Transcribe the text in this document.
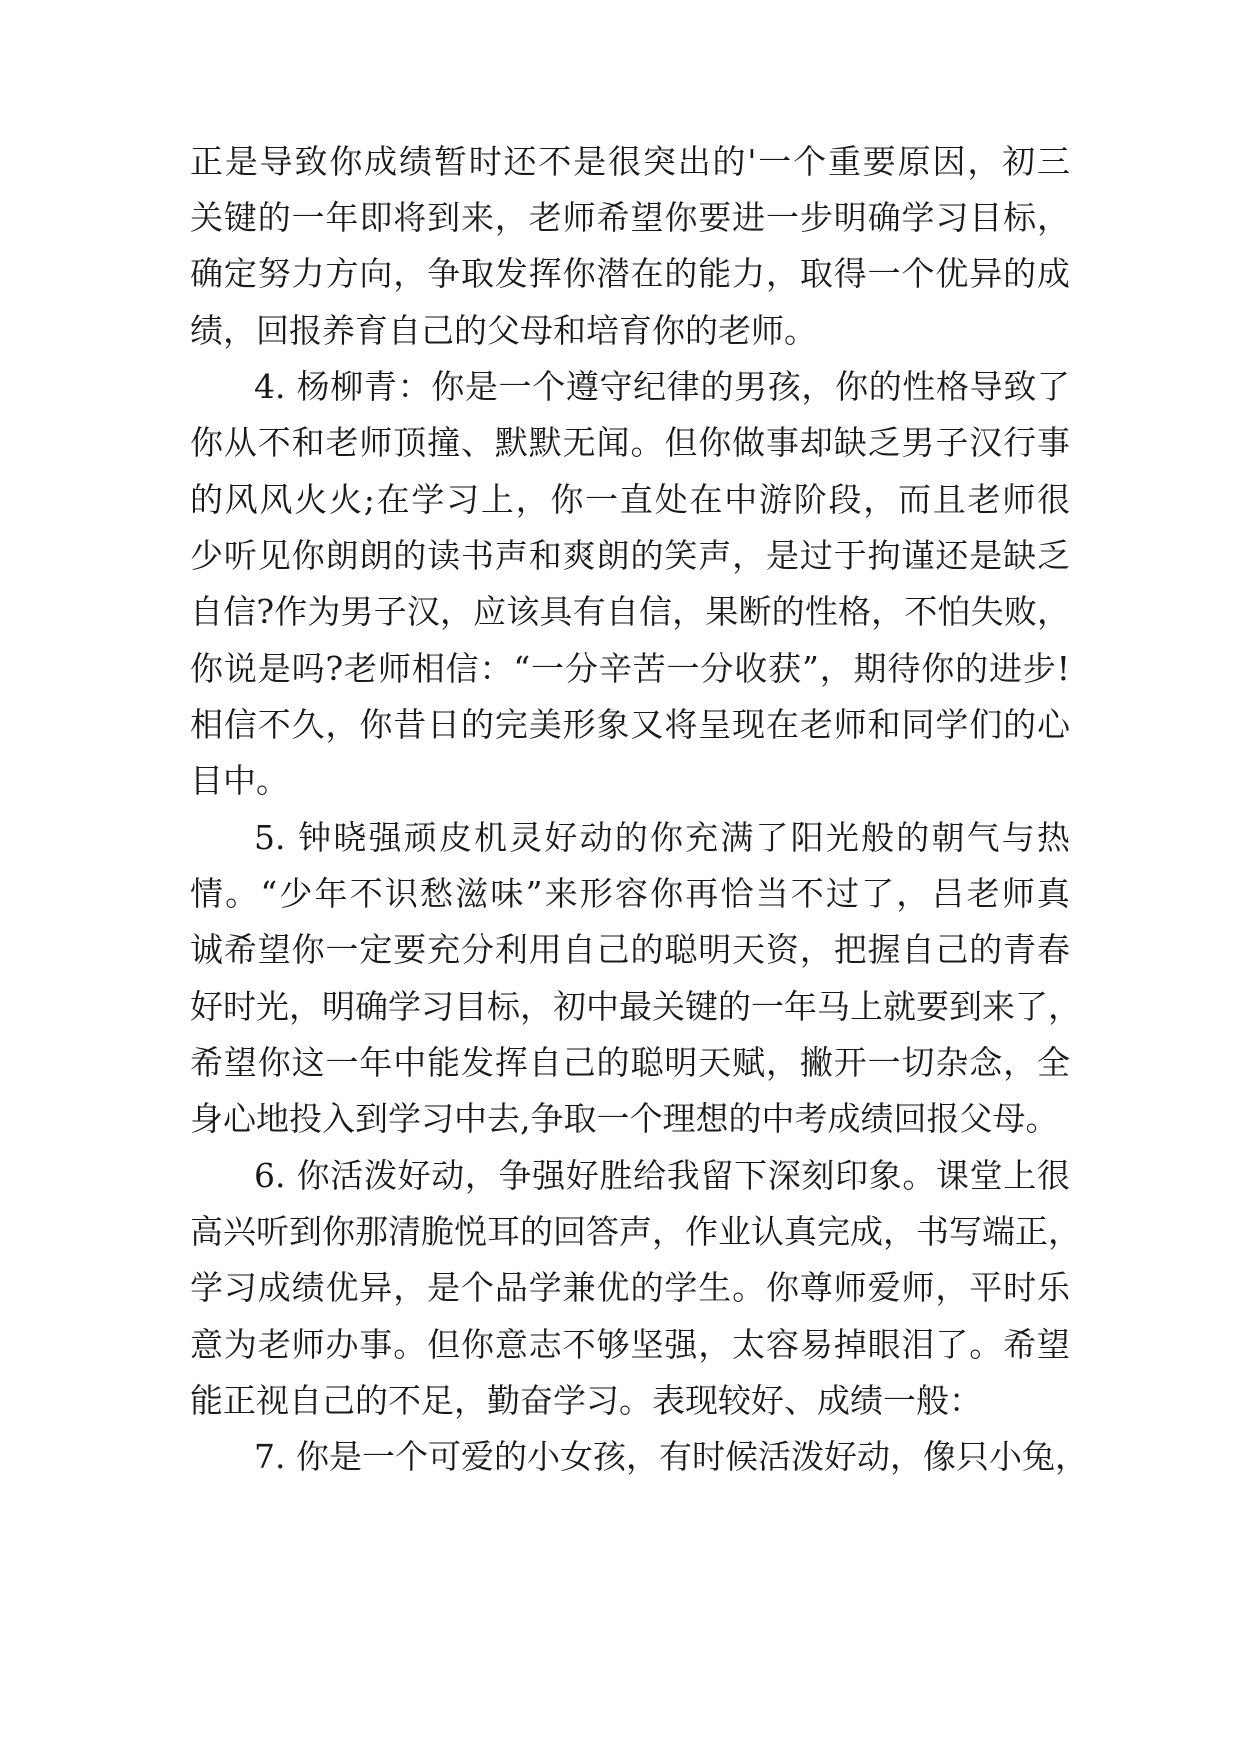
正是导致你成绩暂时还不是很突出的'一个重要原因，初三
关键的一年即将到来，老师希望你要进一步明确学习目标，
确定努力方向，争取发挥你潜在的能力，取得一个优异的成
绩，回报养育自己的父母和培育你的老师。
4. 杨柳青：你是一个遵守纪律的男孩，你的性格导致了
你从不和老师顶撞、默默无闻。但你做事却缺乏男子汉行事
的风风火火;在学习上，你一直处在中游阶段，而且老师很
少听见你朗朗的读书声和爽朗的笑声，是过于拘谨还是缺乏
自信?作为男子汉，应该具有自信，果断的性格，不怕失败，
你说是吗?老师相信：“一分辛苦一分收获”，期待你的进步!
相信不久，你昔日的完美形象又将呈现在老师和同学们的心
目中。
5. 钟晓强顽皮机灵好动的你充满了阳光般的朝气与热
情。“少年不识愁滋味”来形容你再恰当不过了，吕老师真
诚希望你一定要充分利用自己的聪明天资，把握自己的青春
好时光，明确学习目标，初中最关键的一年马上就要到来了，
希望你这一年中能发挥自己的聪明天赋，撇开一切杂念，全
身心地投入到学习中去,争取一个理想的中考成绩回报父母。
6. 你活泼好动，争强好胜给我留下深刻印象。课堂上很
高兴听到你那清脆悦耳的回答声，作业认真完成，书写端正，
学习成绩优异，是个品学兼优的学生。你尊师爱师，平时乐
意为老师办事。但你意志不够坚强，太容易掉眼泪了。希望
能正视自己的不足，勤奋学习。表现较好、成绩一般：
7. 你是一个可爱的小女孩，有时候活泼好动，像只小兔，
